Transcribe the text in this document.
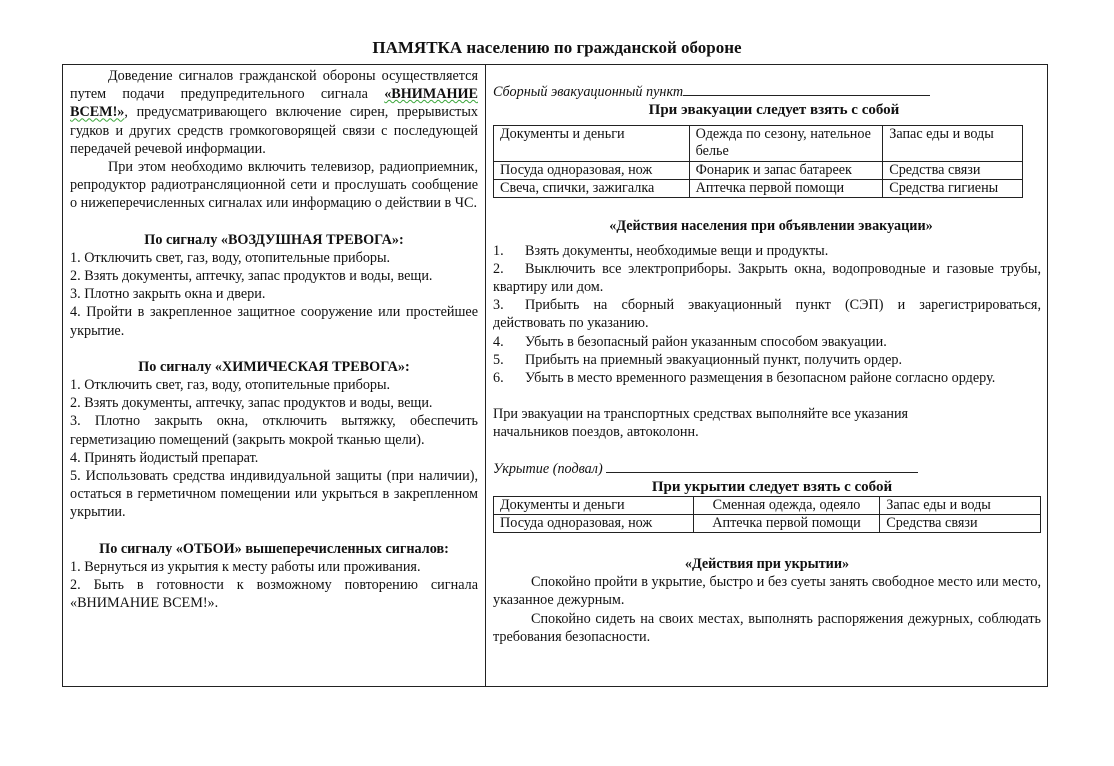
ПАМЯТКА населению по гражданской обороне

Доведение сигналов гражданской обороны осуществляется путем подачи предупредительного сигнала «ВНИМАНИЕ ВСЕМ!», предусматривающего включение сирен, прерывистых гудков и других средств громкоговорящей связи с последующей передачей речевой информации.

При этом необходимо включить телевизор, радиоприемник, репродуктор радиотрансляционной сети и прослушать сообщение о нижеперечисленных сигналах или информацию о действии в ЧС.

По сигналу «ВОЗДУШНАЯ ТРЕВОГА»:

1. Отключить свет, газ, воду, отопительные приборы.

2. Взять документы, аптечку, запас продуктов и воды, вещи.

3. Плотно закрыть окна и двери.

4. Пройти в закрепленное защитное сооружение или простейшее укрытие.

По сигналу «ХИМИЧЕСКАЯ ТРЕВОГА»:

1. Отключить свет, газ, воду, отопительные приборы.

2. Взять документы, аптечку, запас продуктов и воды, вещи.

3. Плотно закрыть окна, отключить вытяжку, обеспечить герметизацию помещений (закрыть мокрой тканью щели).

4. Принять йодистый препарат.

5. Использовать средства индивидуальной защиты (при наличии), остаться в герметичном помещении или укрыться в закрепленном укрытии.

По сигналу «ОТБОИ» вышеперечисленных сигналов:

1. Вернуться из укрытия к месту работы или проживания.

2. Быть в готовности к возможному повторению сигнала «ВНИМАНИЕ ВСЕМ!».

Сборный эвакуационный пункт

При эвакуации следует взять с собой

Документы и деньги	Одежда по сезону, нательное белье	Запас еды и воды
Посуда одноразовая, нож	Фонарик и запас батареек	Средства связи
Свеча, спички, зажигалка	Аптечка первой помощи	Средства гигиены

«Действия населения при объявлении эвакуации»

1. Взять документы, необходимые вещи и продукты.
2. Выключить все электроприборы. Закрыть окна, водопроводные и газовые трубы, квартиру или дом.
3. Прибыть на сборный эвакуационный пункт (СЭП) и зарегистрироваться, действовать по указанию.
4. Убыть в безопасный район указанным способом эвакуации.
5. Прибыть на приемный эвакуационный пункт, получить ордер.
6. Убыть в место временного размещения в безопасном районе согласно ордеру.

При эвакуации на транспортных средствах выполняйте все указания начальников поездов, автоколонн.

Укрытие (подвал)

При укрытии следует взять с собой

Документы и деньги	Сменная одежда, одеяло	Запас еды и воды
Посуда одноразовая, нож	Аптечка первой помощи	Средства связи

«Действия при укрытии»

Спокойно пройти в укрытие, быстро и без суеты занять свободное место или место, указанное дежурным.

Спокойно сидеть на своих местах, выполнять распоряжения дежурных, соблюдать требования безопасности.
